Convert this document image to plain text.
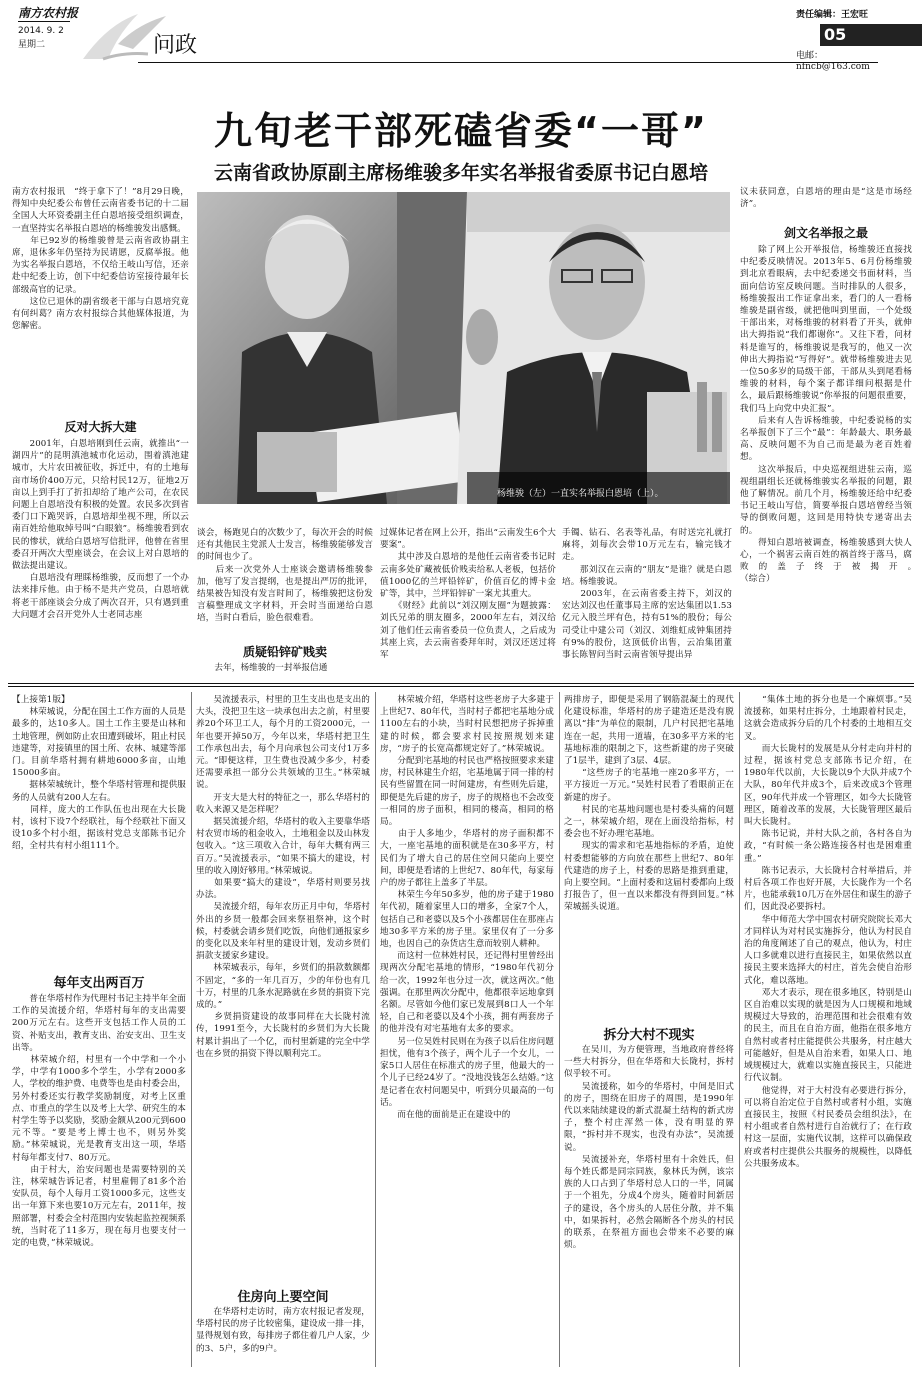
南方农村报
2014. 9. 2
星期二	问政
责任编辑：王宏旺
05
电邮：nfncb@163.com
九旬老干部死磕省委“一哥”
云南省政协原副主席杨维骏多年实名举报省委原书记白恩培
南方农村报讯　“终于拿下了！”8月29日晚，得知中央纪委公布曾任云南省委书记的十二届全国人大环资委副主任白恩培接受组织调查，一直坚持实名举报白恩培的杨维骏发出感慨。
　　年已92岁的杨维骏曾是云南省政协副主席，退休多年仍坚持为民请愿，反腐举报。他为实名举报白恩培，不仅给王岐山写信，还亲赴中纪委上访，创下中纪委信访室接待最年长部级高官的记录。
　　这位已退休的副省级老干部与白恩培究竟有何纠葛？南方农村报综合其他媒体报道，为您解密。
反对大拆大建
　　2001年，白恩培刚到任云南，就推出“一湖四片”的昆明滇池城市化运动，围着滇池建城市，大片农田被征收，拆迁中，有的土地每亩市场价400万元，只给村民12万，征地2万亩以上到手打了折扣却给了地产公司，在农民问题上自恩培没有积极的处置。农民多次到省委门口下跪哭诉，白恩培却坐视不理，所以云南百姓给他取绰号叫“白眼狼”。杨维骏看到农民的惨状，就给白恩培写信批评，他曾在省里委召开两次大型座谈会，在会议上对白恩培的做法提出建议。
　　白恩培没有理睬杨维骏，反而想了一个办法来排斥他。由于杨不是共产党员，白恩培就将老干部座谈会分成了两次召开，只有遇到重大问题才会召开党外人士老同志座
杨维骏（左）一直实名举报白恩培（上）。
谈会，杨跑见白的次数少了，每次开会的时候还有其他民主党派人士发言，杨维骏能够发言的时间也少了。
　　后来一次党外人士座谈会邀请杨维骏参加，他写了发言提纲，也是提出严厉的批评，结果被告知没有发言时间了，杨维骏把这份发言稿整理成文字材料，开会时当面递给白恩培，当时白看后，脸色很难看。
质疑铅锌矿贱卖
　　去年，杨维骏的一封举报信通
过媒体记者在网上公开，指出“云南发生6个大要案”。
　　其中涉及白恩培的是他任云南省委书记时云南多处矿藏被低价贱卖给私人老板，包括价值1000亿的兰坪铅锌矿，价值百亿的博卡金矿等，其中，兰坪铅锌矿一案尤其重大。
　　《财经》此前以“刘汉刚友圈”为题披露：刘氏兄弟的朋友圈多，2000年左右，刘汉给刘了他们任云南省委员一位负责人，之后成为其座上宾，去云南省委拜年时，刘汉还送过将军
手镯、钻石、名表等礼品，有时送完礼就打麻将，刘每次会带10万元左右，输完钱才走。
　　那刘汉在云南的“朋友”是谁？就是白恩培。杨维骏说。
　　2003年，在云南省委主持下，刘汉的宏达刘汉也任董事局主席的宏达集团以1.53亿元入股兰坪有色，持有51%的股份；每公司受让中建公司（刘汉、刘维虹成钟集团持有9%的股份，这顶低价出售，云冶集团董事长陈智问当时云南省领导提出异
议未获同意，白恩培的理由是“这是市场经济”。
剑文名举报之最
　　除了网上公开举报信，杨维骏还直接找中纪委反映情况。2013年5、6月份杨维骏到北京看眼病，去中纪委递交书面材料，当面向信访室反映问题。当时排队的人很多，杨维骏报出工作证拿出来，看门的人一看杨维骏是副省级，就把他叫到里面，一个处级干部出来，对杨维骏的材料看了开头，就伸出大拇指说“我们都谢你”。又往下看，问材料是谁写的，杨维骏说是我写的，他又一次伸出大拇指说“写得好”。就带杨维骏进去见一位50多岁的局级干部，干部从头到尾看杨维骏的材料，每个案子都详细问根据是什么，最后跟杨维骏说“你举报的问题很重要，我们马上向党中央汇报”。
　　后来有人告诉杨维骏，中纪委说杨的实名举报创下了三个“最”：年龄最大、职务最高、反映问题不为自己而是最为老百姓着想。
　　这次举报后，中央巡视组进驻云南，巡视组副组长还就杨维骏实名举报的问题，跟他了解情况。前几个月，杨维骏还给中纪委书记王岐山写信，简要举报白恩培曾经当领导的倒败问题，这回是用特快专递寄出去的。
　　得知白恩培被调查，杨维骏感到大快人心，一个祸害云南百姓的祸首终于落马，腐败的盖子终于被揭开。　　　　　　　　　　（综合）
【上接第1版】
　　林荣城说，分配在国土工作方面的人员是最多的，达10多人。国土工作主要是山林和土地管理，例如防止农田遭到破坏，阻止村民违建等，对接镇里的国土所、农林、城建等部门。目前华塔村拥有耕地6000多亩，山地15000多亩。
　　据林荣城统计，整个华塔村管理和提供服务的人员就有200人左右。
　　同样，庞大的工作队伍也出现在大长陇村，该村下设7个经联社，每个经联社下面又设10多个村小组，据该村党总支部陈书记介绍，全村共有村小组111个。
每年支出两百万
　　普在华塔村作为代理村书记主持半年全面工作的吴流援介绍，华塔村每年的支出需要200万元左右。这些开支包括工作人员的工资、补贴支出，教育支出、治安支出、卫生支出等。
　　林荣城介绍，村里有一个中学和一个小学，中学有1000多个学生，小学有2000多人，学校的维护费、电费等也是由村委会出，另外村委还实行教学奖励制度，对考上区重点、市重点的学生以及考上大学、研究生的本村学生等予以奖励，奖励金额从200元到600元不等。“要是考上博士也不，则另外奖励。”林荣城说，光是教育支出这一项，华塔村每年都支付7、80万元。
　　由于村大，治安问题也是需要特别的关注，林荣城告诉记者，村里雇佣了81多个治安队员，每个人每月工资1000多元，这些支出一年算下来也要10万元左右，2011年，按照部署，村委会全村范围内安装起监控视频系统，当时花了11多万，现在每月也要支付一定的电费，”林荣城说。
　　吴流援表示，村里的卫生支出也是支出的大头，没把卫生这一块承包出去之前，村里要养20个环卫工人，每个月的工资2000元，一年也要开掉50万，今年以来，华塔村把卫生工作承包出去，每个月向承包公司支付1万多元。“即便这样，卫生费也没减少多少，村委还需要承担一部分公共领域的卫生。”林荣城说。
　　开支大是大村的特征之一，那么华塔村的收入来源又是怎样呢？
　　据吴流援介绍，华塔村的收入主要靠华塔村农贸市场的租金收入，土地租金以及山林发包收入。“这三项收入合计，每年大概有两三百万。”吴流援表示，“如果不搞大的建设，村里的收入刚好够用。”林荣城说。
　　如果要“搞大的建设”，华塔村则要另找办法。
　　吴流援介绍，每年农历正月中旬，华塔村外出的乡贤一般都会回来祭祖祭神，这个时候，村委就会请乡贤们吃饭，向他们通报家乡的变化以及来年村里的建设计划，发动乡贤们捐款支援家乡建设。
　　林荣城表示，每年，乡贤们的捐款数额都不固定，“多的一年几百万，少的年份也有几十万，村里的几条水泥路就在乡贤的捐资下完成的。”
　　乡贤捐资建设的故事同样在大长陇村流传，1991至今，大长陇村的乡贤们为大长陇村累计捐出了一个亿，而村里新建的完全中学也在乡贤的捐资下得以顺利完工。
住房向上要空间
　　在华塔村走访时，南方农村报记者发现，华塔村民的房子比较密集，建设成一排一排，显得规划有致，每排房子都住着几户人家，少的3、5户，多的9户。
　　林荣城介绍，华塔村这些老房子大多建于上世纪7、80年代，当时村子都把宅基地分成1100左右的小块，当时村民想把房子拆掉重建的时候，都会要求村民按照规划来建房，“房子的长宽高都规定好了。”林荣城说。
　　分配到宅基地的村民也严格按照要求来建房，村民林建生介绍，宅基地属于同一排的村民有些留置在同一时间建房，有些则先后建，即便是先后建的房子，房子的规格也不会改变一相同的房子面积，相同的楼高，相同的格局。
　　由于人多地少，华塔村的房子面积都不大，一座宅基地的面积就是在30多平方，村民们为了增大自己的居住空间只能向上要空间，即便是看诸的上世纪7、80年代，每家每户的房子都往上盖多了半层。
　　林荣生今年50多岁，他的房子建于1980年代初，随着家里人口的增多，全家7个人，包括自己和老婆以及5个小孩都居住在那座占地30多平方米的房子里。家里仅有了一分多地，也因自己的杂货店生意而较别人耕种。
　　而这村一位林姓村民，还记得村里曾经出现两次分配宅基地的情形，“1980年代初分给一次，1992年也分过一次，就这两次。”他强调。在那里两次分配中，他都很幸运地拿到名额。尽管如今他们家已发展到8口人一个年轻，自己和老婆以及4个小孩，拥有两套房子的他并没有对宅基地有太多的要求。
　　另一位吴姓村民则在为孩子以后住房问题担忧，他有3个孩子，两个儿子一个女儿，一家5口人居住在标准式的房子里，他最大的一个儿子已经24岁了。“没地没钱怎么结婚。”这是记者在农村问题吴中，听到分贝最高的一句话。
　　而在他的面前是正在建设中的
两排房子，即便是采用了钢筋混凝土的现代化建设标准，华塔村的房子建造还是没有脱离以“排”为单位的限制，几户村民把宅基地连在一起，共用一道墙，在30多平方米的宅基地标准的限制之下，这些新建的房子突破了1层半，建到了3层、4层。
　　“这些房子的宅基地一座20多平方，一平方接近一万元。”吴姓村民看了看眼前正在新建的房子。
　　村民的宅基地问题也是村委头痛的问题之一，林荣城介绍，现在上面没给指标，村委会也不好办理宅基地。
　　现实的需求和宅基地指标的矛盾，迫使村委想能够的方向放在那些上世纪7、80年代建造的房子上，村委的思路是推到重建，向上要空间。“上面村委和这届村委都向上级打报告了，但一直以来都没有得到回复。”林荣城摇头说道。
拆分大村不现实
　　在吴川，为方便管理，当地政府普经将一些大村拆分，但在华塔和大长陇村，拆村似乎较不可。
　　吴流援称，如今的华塔村，中间是旧式的房子，围绕在旧房子的周围，是1990年代以来陆续建设的新式混凝土结构的新式房子，整个村庄浑然一体，没有明显的界限，“拆村并不现实，也没有办法”，吴流援说。
　　吴流援补充，华塔村里有十余姓氏，但每个姓氏都是同宗同族，象林氏为例，该宗族的人口占到了华塔村总人口的一半，同属于一个祖先，分成4个房头，随着时间新居子的建设，各个房头的人居住分散，并不集中，如果拆村，必然会隔断各个房头的村民的联系，在祭祖方面也会带来不必要的麻烦。
　　“集体土地的拆分也是一个麻烦事。”吴流援称，如果村庄拆分，土地跟着村民走，这就会造成拆分后的几个村委的土地相互交叉。
　　而大长陇村的发展是从分村走向并村的过程，据该村党总支部陈书记介绍，在1980年代以前，大长陇以9个大队并成7个大队，80年代并成3个，后来改成3个管理区，90年代并成一个管理区，如今大长陇管理区，随着改革的发展，大长陇管理区最后叫大长陇村。
　　陈书记说，并村大队之前，各村各自为政，“有时候一条公路连接各村也是困难重重。”
　　陈书记表示，大长陇村合村举措后，并村后各项工作也好开展，大长陇作为一个名片，也能承载10几万在外居住和谋生的游子们，因此没必要拆村。
　　华中师范大学中国农村研究院院长邓大才同样认为对村民实施拆分，他认为村民自治的角度阐述了自己的观点，他认为，村庄人口多就难以进行直接民主，如果依然以直接民主要来选择大的村庄，首先会使自治形式化，难以落地。
　　邓大才表示，现在很多地区，特别是山区自治难以实现的就是因为人口规模和地域规模过大导致的，治理范围和社会很难有效的民主，而且在自治方面，他指在很多地方自然村或者村庄能提供公共服务，村庄越大可能越好，但是从自治来看，如果人口、地域规模过大，就难以实施直接民主，只能进行代议制。
　　他觉得，对于大村没有必要进行拆分，可以将自治定位于自然村或者村小组，实施直接民主，按照《村民委员会组织法》，在村小组或者自然村进行自治就行了；在行政村这一层面，实施代议制，这样可以确保政府或者村庄提供公共服务的规模性，以降低公共服务成本。
